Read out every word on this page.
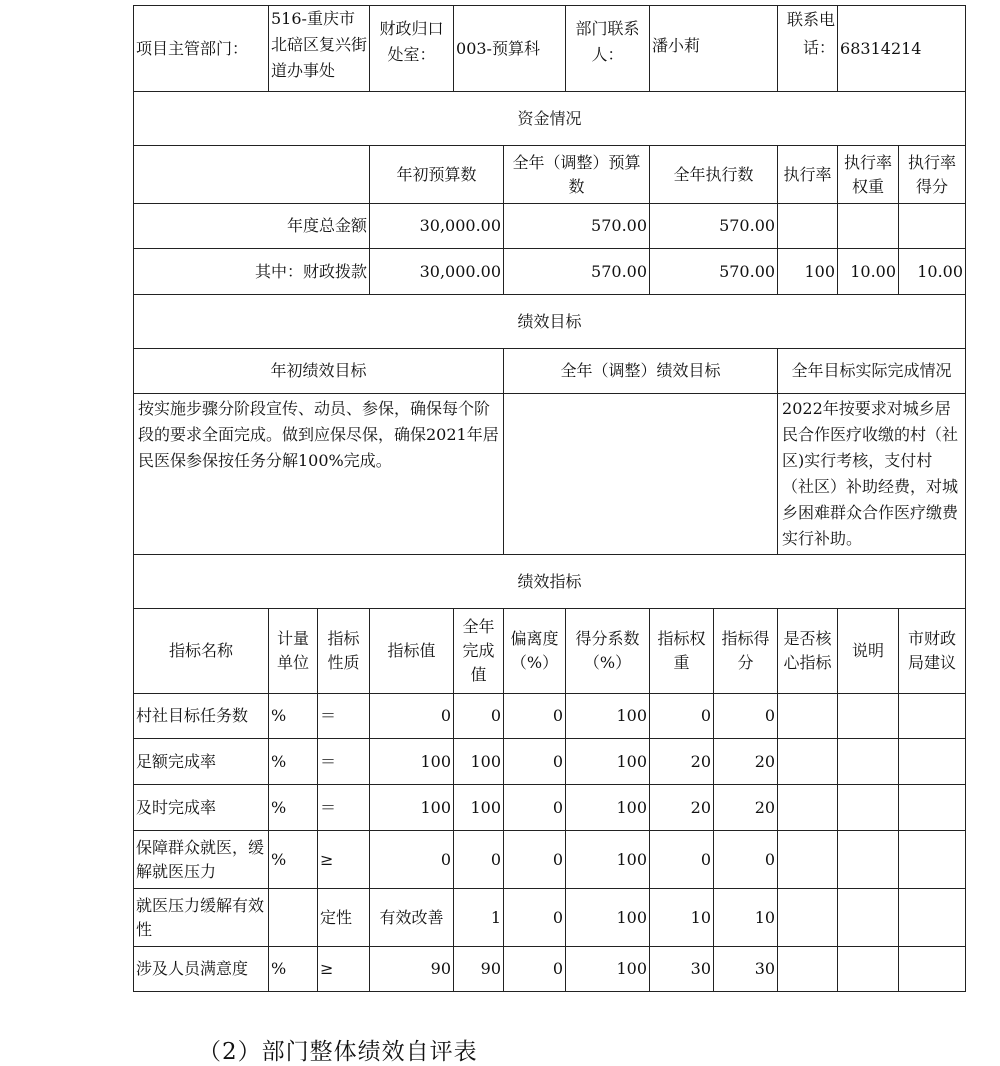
项目主管部门：	516-重庆市北碚区复兴街道办事处		财政归口处室：	003-预算科		部门联系人：	潘小莉		联系电话：	68314214	
资金情况											
			年初预算数		全年（调整）预算数		全年执行数		执行率	执行率权重	执行率得分
年度总金额			30,000.00		570.00		570.00				
其中：财政拨款			30,000.00		570.00		570.00		100	10.00	10.00
绩效目标											
年初绩效目标					全年（调整）绩效目标				全年目标实际完成情况		
按实施步骤分阶段宣传、动员、参保，确保每个阶段的要求全面完成。做到应保尽保，确保2021年居民医保参保按任务分解100%完成。									2022年按要求对城乡居民合作医疗收缴的村（社区)实行考核，支付村（社区）补助经费，对城乡困难群众合作医疗缴费实行补助。		
绩效指标											
指标名称	计量单位	指标性质	指标值	全年完成值	偏离度（%）	得分系数（%）	指标权重	指标得分	是否核心指标	说明	市财政局建议
村社目标任务数	%	＝	0	0	0	100	0	0			
足额完成率	%	＝	100	100	0	100	20	20			
及时完成率	%	＝	100	100	0	100	20	20			
保障群众就医，缓解就医压力	%	≥	0	0	0	100	0	0			
就医压力缓解有效性		定性	有效改善	1	0	100	10	10			
涉及人员满意度	%	≥	90	90	0	100	30	30			
（2）部门整体绩效自评表
